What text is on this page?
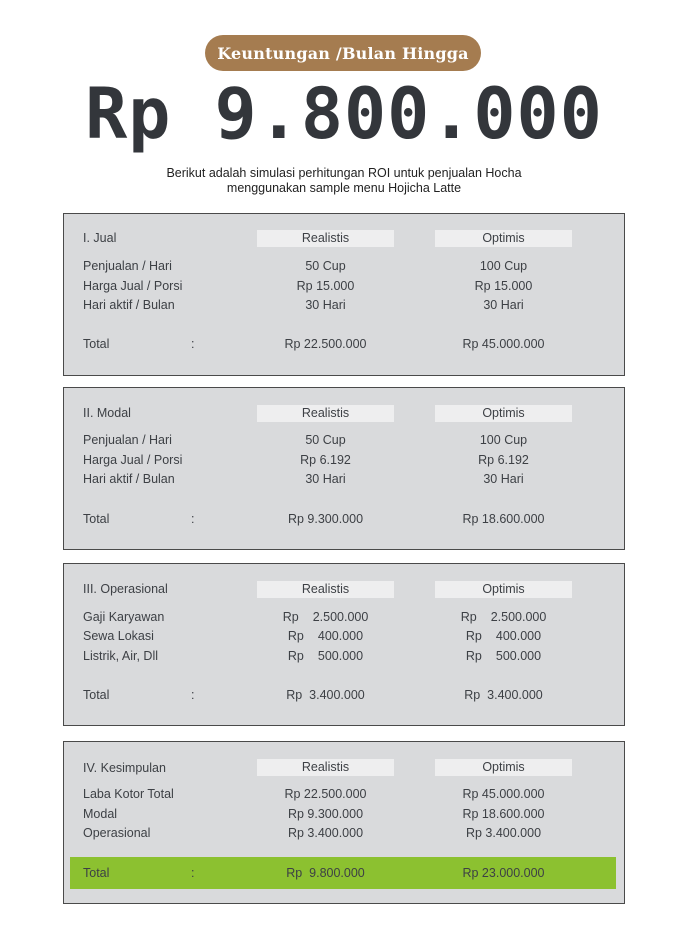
Keuntungan /Bulan Hingga
Rp 9.800.000
Berikut adalah simulasi perhitungan ROI untuk penjualan Hocha
menggunakan sample menu Hojicha Latte
I. Jual	Realistis	Optimis
Penjualan / Hari	50 Cup	100 Cup
Harga Jual / Porsi	Rp 15.000	Rp 15.000
Hari aktif / Bulan	30 Hari	30 Hari
Total	:	Rp 22.500.000	Rp 45.000.000
II. Modal	Realistis	Optimis
Penjualan / Hari	50 Cup	100 Cup
Harga Jual / Porsi	Rp 6.192	Rp 6.192
Hari aktif / Bulan	30 Hari	30 Hari
Total	:	Rp 9.300.000	Rp 18.600.000
III. Operasional	Realistis	Optimis
Gaji Karyawan	Rp 2.500.000	Rp 2.500.000
Sewa Lokasi	Rp 400.000	Rp 400.000
Listrik, Air, Dll	Rp 500.000	Rp 500.000
Total	:	Rp  3.400.000	Rp  3.400.000
IV. Kesimpulan	Realistis	Optimis
Laba Kotor Total	Rp 22.500.000	Rp 45.000.000
Modal	Rp 9.300.000	Rp 18.600.000
Operasional	Rp 3.400.000	Rp 3.400.000
Total	:	Rp  9.800.000	Rp 23.000.000
